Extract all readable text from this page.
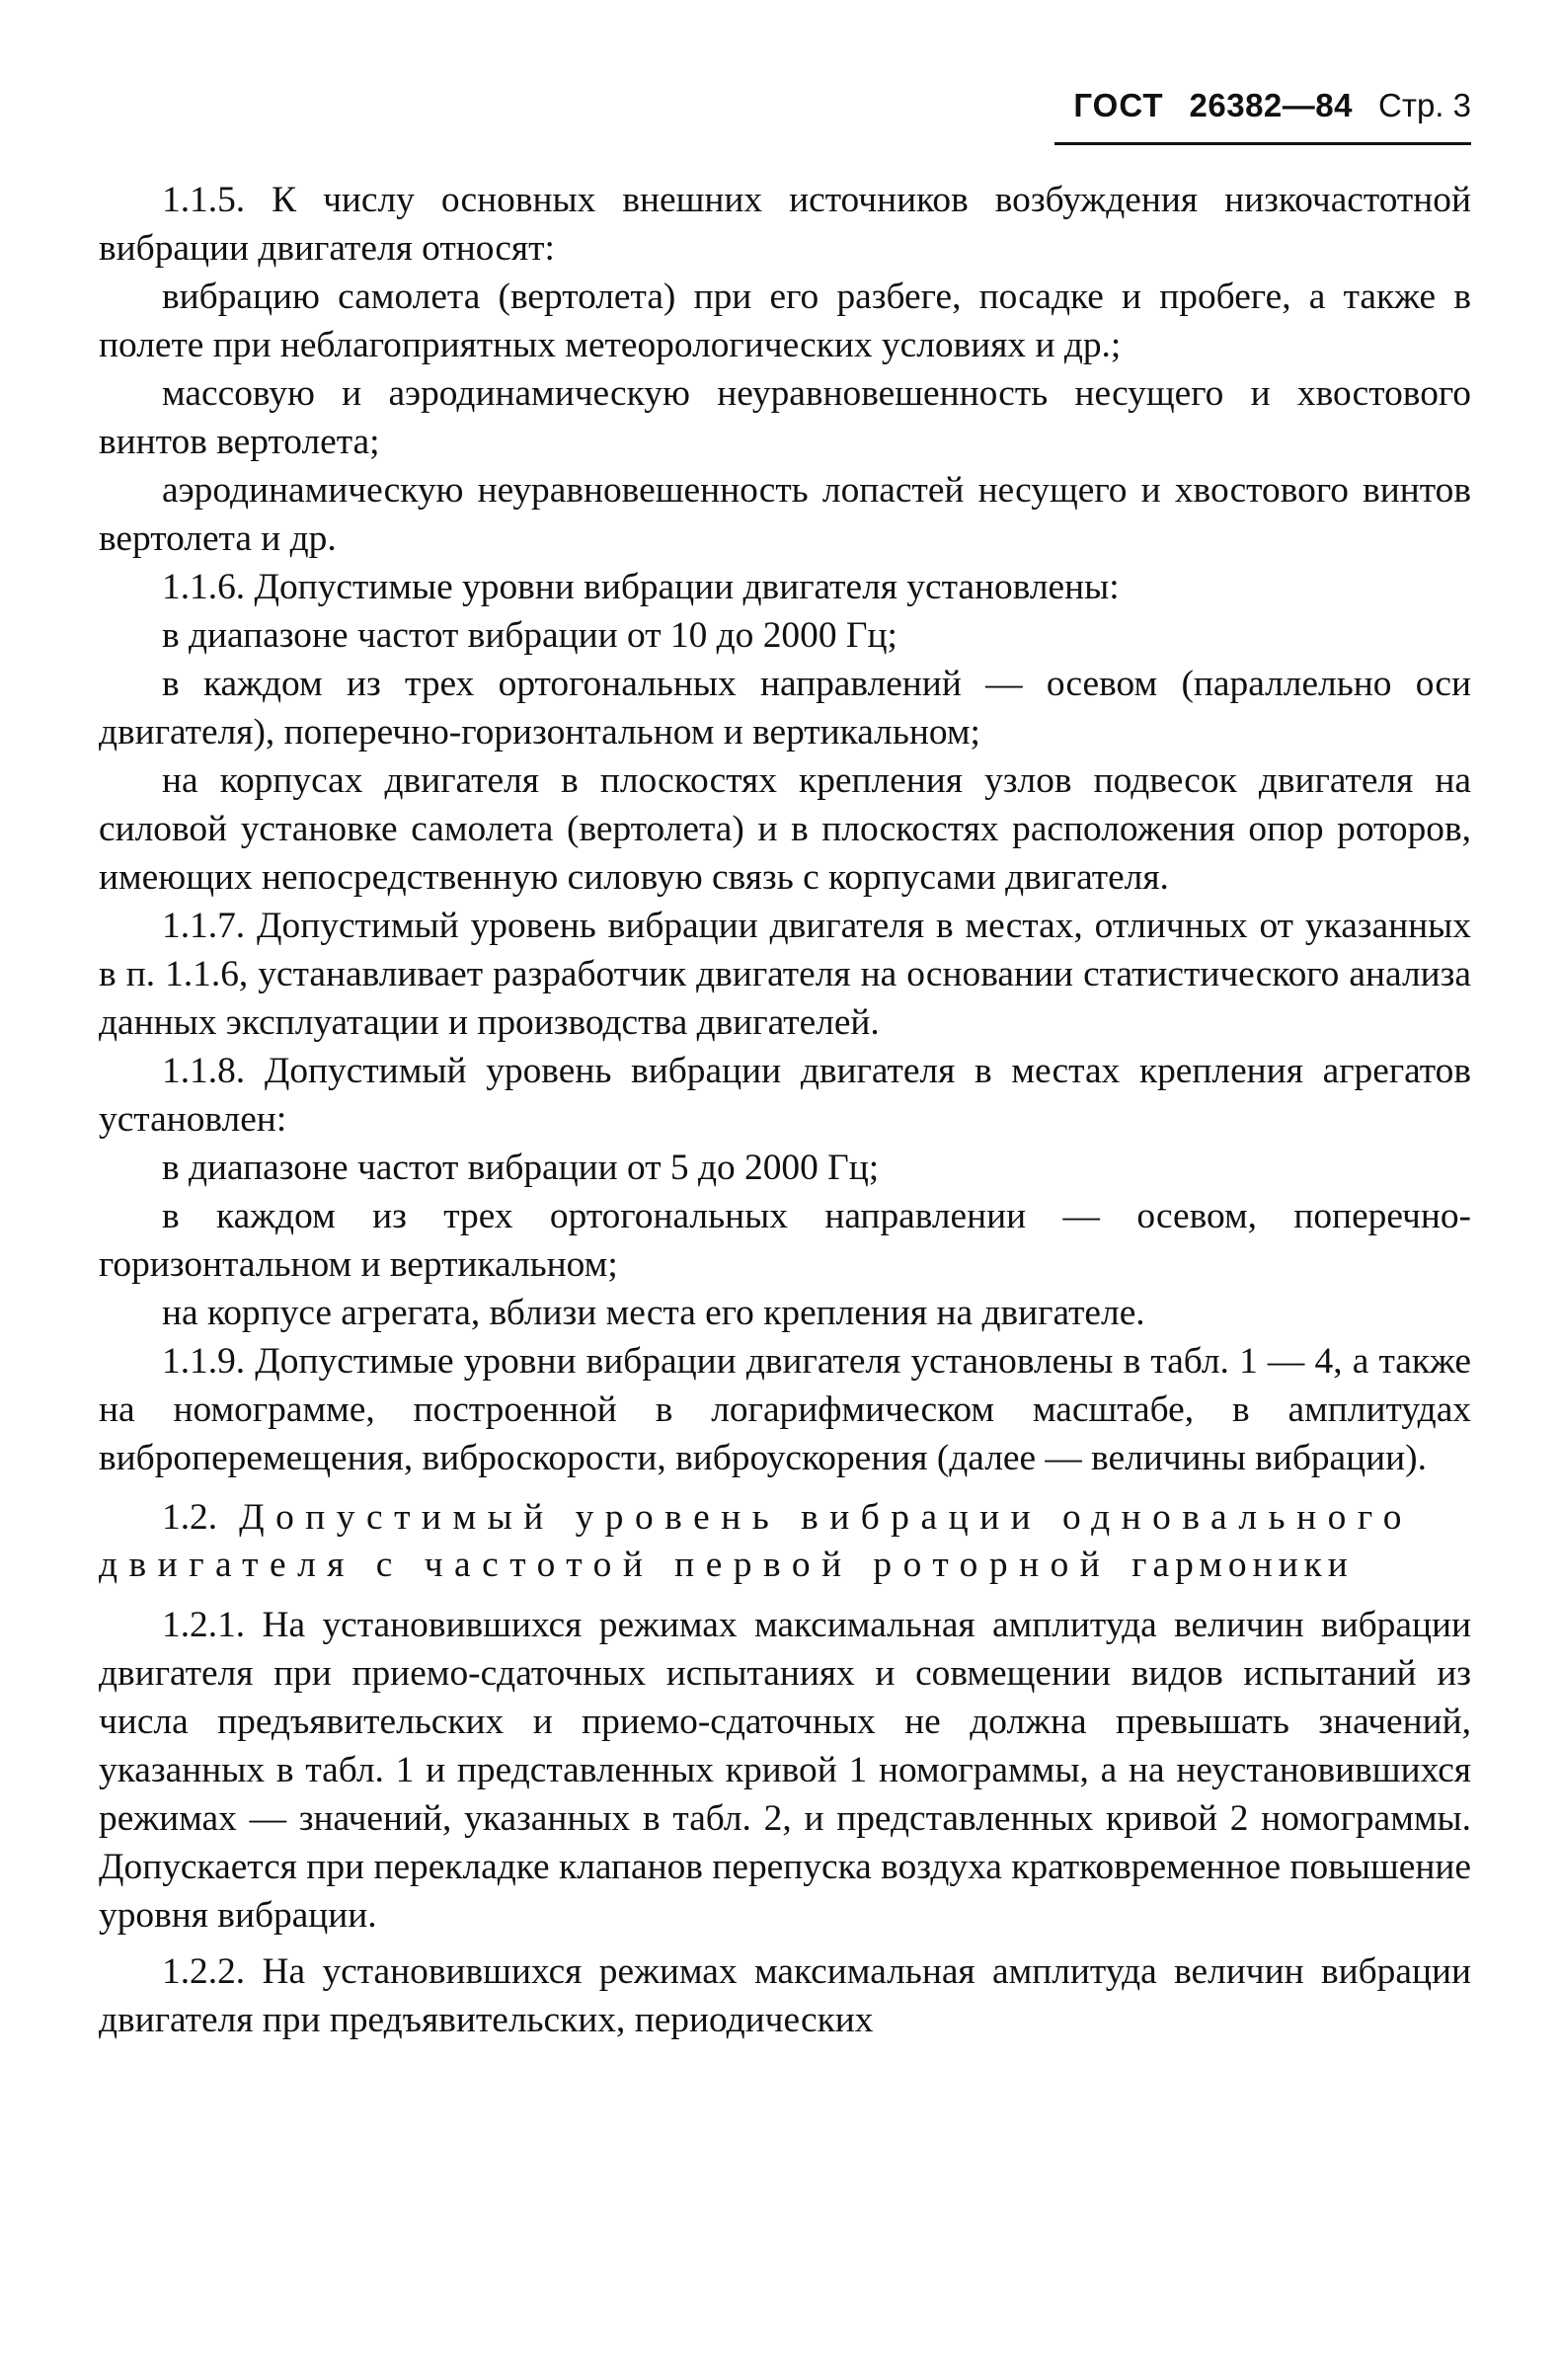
ГОСТ 26382—84 Стр. 3

1.1.5. К числу основных внешних источников возбуждения низкочастотной вибрации двигателя относят:

вибрацию самолета (вертолета) при его разбеге, посадке и пробеге, а также в полете при неблагоприятных метеорологических условиях и др.;

массовую и аэродинамическую неуравновешенность несущего и хвостового винтов вертолета;

аэродинамическую неуравновешенность лопастей несущего и хвостового винтов вертолета и др.

1.1.6. Допустимые уровни вибрации двигателя установлены:

в диапазоне частот вибрации от 10 до 2000 Гц;

в каждом из трех ортогональных направлений — осевом (параллельно оси двигателя), поперечно-горизонтальном и вертикальном;

на корпусах двигателя в плоскостях крепления узлов подвесок двигателя на силовой установке самолета (вертолета) и в плоскостях расположения опор роторов, имеющих непосредственную силовую связь с корпусами двигателя.

1.1.7. Допустимый уровень вибрации двигателя в местах, отличных от указанных в п. 1.1.6, устанавливает разработчик двигателя на основании статистического анализа данных эксплуатации и производства двигателей.

1.1.8. Допустимый уровень вибрации двигателя в местах крепления агрегатов установлен:

в диапазоне частот вибрации от 5 до 2000 Гц;

в каждом из трех ортогональных направлении — осевом, поперечно-горизонтальном и вертикальном;

на корпусе агрегата, вблизи места его крепления на двигателе.

1.1.9. Допустимые уровни вибрации двигателя установлены в табл. 1 — 4, а также на номограмме, построенной в логарифмическом масштабе, в амплитудах виброперемещения, виброскорости, виброускорения (далее — величины вибрации).

1.2. Допустимый уровень вибрации одновального двигателя с частотой первой роторной гармоники

1.2.1. На установившихся режимах максимальная амплитуда величин вибрации двигателя при приемо-сдаточных испытаниях и совмещении видов испытаний из числа предъявительских и приемо-сдаточных не должна превышать значений, указанных в табл. 1 и представленных кривой 1 номограммы, а на неустановившихся режимах — значений, указанных в табл. 2, и представленных кривой 2 номограммы. Допускается при перекладке клапанов перепуска воздуха кратковременное повышение уровня вибрации.

1.2.2. На установившихся режимах максимальная амплитуда величин вибрации двигателя при предъявительских, периодических
